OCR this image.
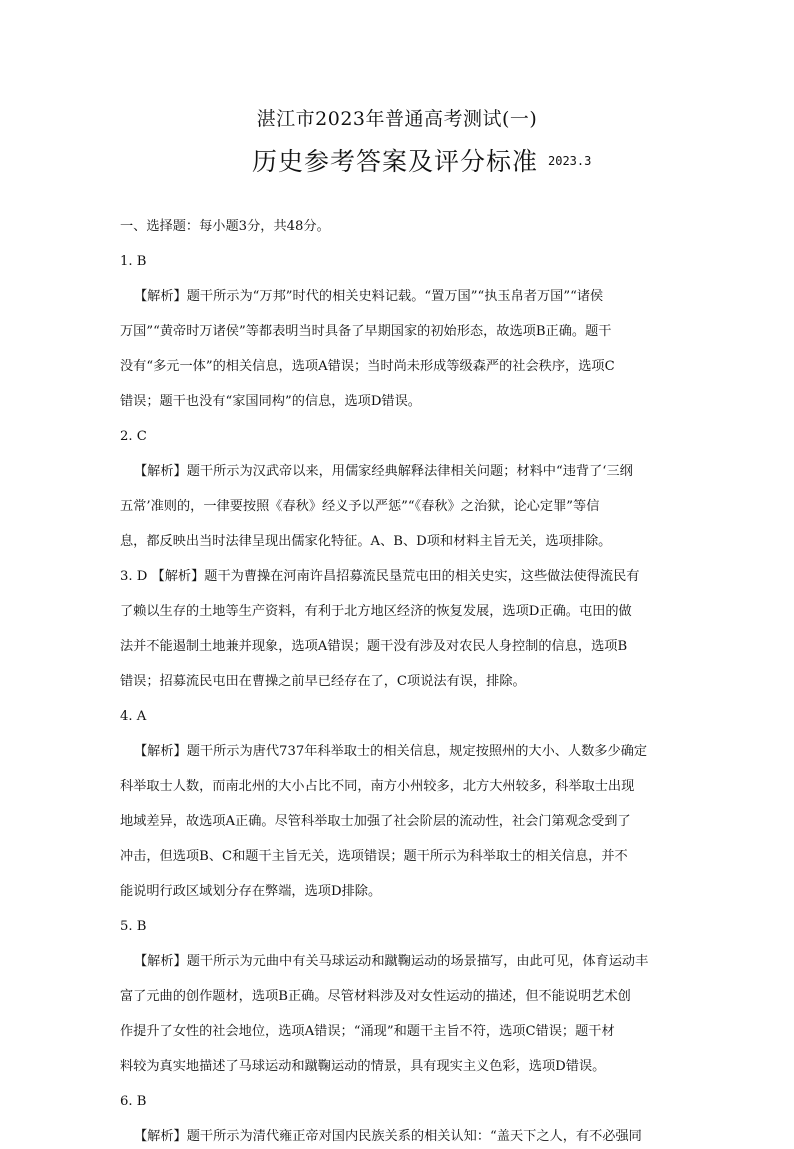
湛江市2023年普通高考测试(一)
历史参考答案及评分标准 2023.3
一、选择题：每小题3分，共48分。
1. B
【解析】题干所示为“万邦”时代的相关史料记载。“置万国”“执玉帛者万国”“诸侯
万国”“黄帝时万诸侯”等都表明当时具备了早期国家的初始形态，故选项B正确。题干
没有“多元一体”的相关信息，选项A错误；当时尚未形成等级森严的社会秩序，选项C
错误；题干也没有“家国同构”的信息，选项D错误。
2. C
【解析】题干所示为汉武帝以来，用儒家经典解释法律相关问题；材料中“违背了‘三纲
五常’准则的，一律要按照《春秋》经义予以严惩”“《春秋》之治狱，论心定罪”等信
息，都反映出当时法律呈现出儒家化特征。A、B、D项和材料主旨无关，选项排除。
3. D 【解析】题干为曹操在河南许昌招募流民垦荒屯田的相关史实，这些做法使得流民有
了赖以生存的土地等生产资料，有利于北方地区经济的恢复发展，选项D正确。屯田的做
法并不能遏制土地兼并现象，选项A错误；题干没有涉及对农民人身控制的信息，选项B
错误；招募流民屯田在曹操之前早已经存在了，C项说法有误，排除。
4. A
【解析】题干所示为唐代737年科举取士的相关信息，规定按照州的大小、人数多少确定
科举取士人数，而南北州的大小占比不同，南方小州较多，北方大州较多，科举取士出现
地域差异，故选项A正确。尽管科举取士加强了社会阶层的流动性，社会门第观念受到了
冲击，但选项B、C和题干主旨无关，选项错误；题干所示为科举取士的相关信息，并不
能说明行政区域划分存在弊端，选项D排除。
5. B
【解析】题干所示为元曲中有关马球运动和蹴鞠运动的场景描写，由此可见，体育运动丰
富了元曲的创作题材，选项B正确。尽管材料涉及对女性运动的描述，但不能说明艺术创
作提升了女性的社会地位，选项A错误；“涌现”和题干主旨不符，选项C错误；题干材
料较为真实地描述了马球运动和蹴鞠运动的情景，具有现实主义色彩，选项D错误。
6. B
【解析】题干所示为清代雍正帝对国内民族关系的相关认知：“盖天下之人，有不必强同
